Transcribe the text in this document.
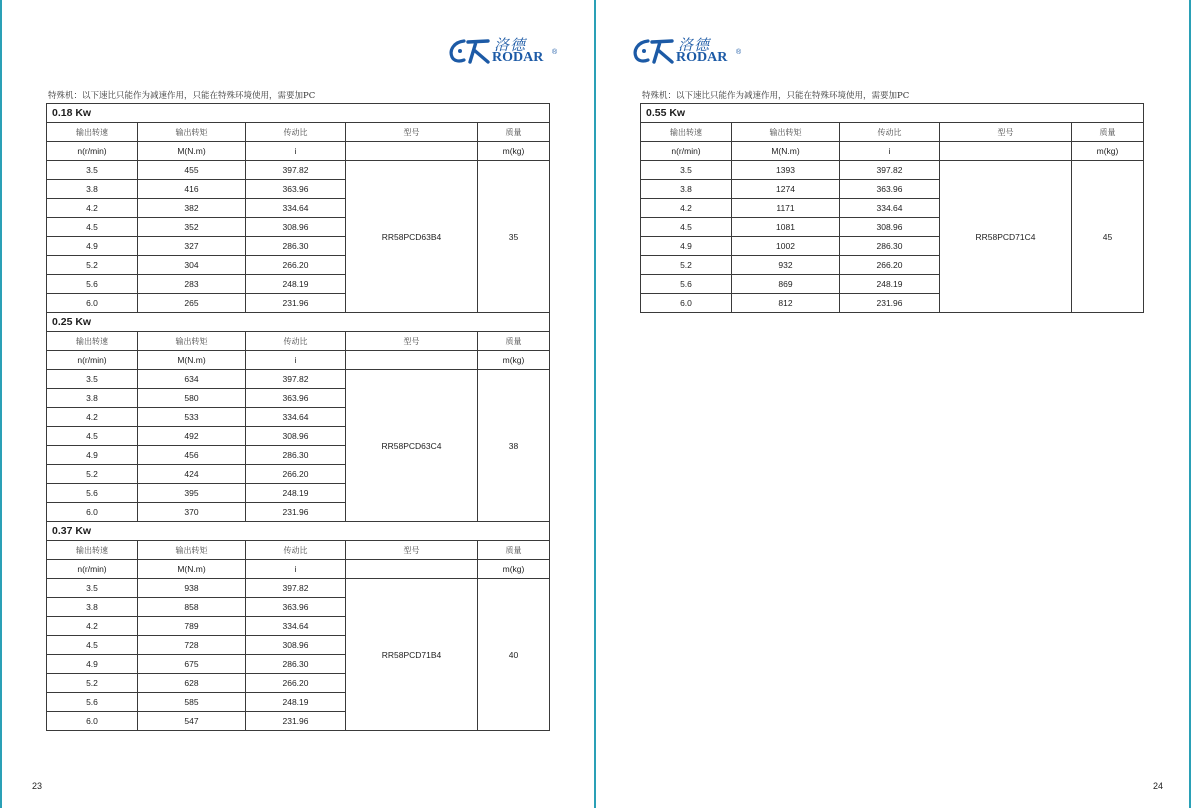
洛德
RODAR ®
特殊机：以下速比只能作为减速作用，只能在特殊环境使用，需要加PC
0.18 Kw				
输出转速	输出转矩	传动比	型号	质量
n(r/min)	M(N.m)	i		m(kg)
3.5	455	397.82	RR58PCD63B4	35
3.8	416	363.96		
4.2	382	334.64		
4.5	352	308.96		
4.9	327	286.30		
5.2	304	266.20		
5.6	283	248.19		
6.0	265	231.96		
0.25 Kw				
输出转速	输出转矩	传动比	型号	质量
n(r/min)	M(N.m)	i		m(kg)
3.5	634	397.82	RR58PCD63C4	38
3.8	580	363.96		
4.2	533	334.64		
4.5	492	308.96		
4.9	456	286.30		
5.2	424	266.20		
5.6	395	248.19		
6.0	370	231.96		
0.37 Kw				
输出转速	输出转矩	传动比	型号	质量
n(r/min)	M(N.m)	i		m(kg)
3.5	938	397.82	RR58PCD71B4	40
3.8	858	363.96		
4.2	789	334.64		
4.5	728	308.96		
4.9	675	286.30		
5.2	628	266.20		
5.6	585	248.19		
6.0	547	231.96		
23
洛德
RODAR ®
特殊机：以下速比只能作为减速作用，只能在特殊环境使用，需要加PC
0.55 Kw				
输出转速	输出转矩	传动比	型号	质量
n(r/min)	M(N.m)	i		m(kg)
3.5	1393	397.82	RR58PCD71C4	45
3.8	1274	363.96		
4.2	1171	334.64		
4.5	1081	308.96		
4.9	1002	286.30		
5.2	932	266.20		
5.6	869	248.19		
6.0	812	231.96		
24
